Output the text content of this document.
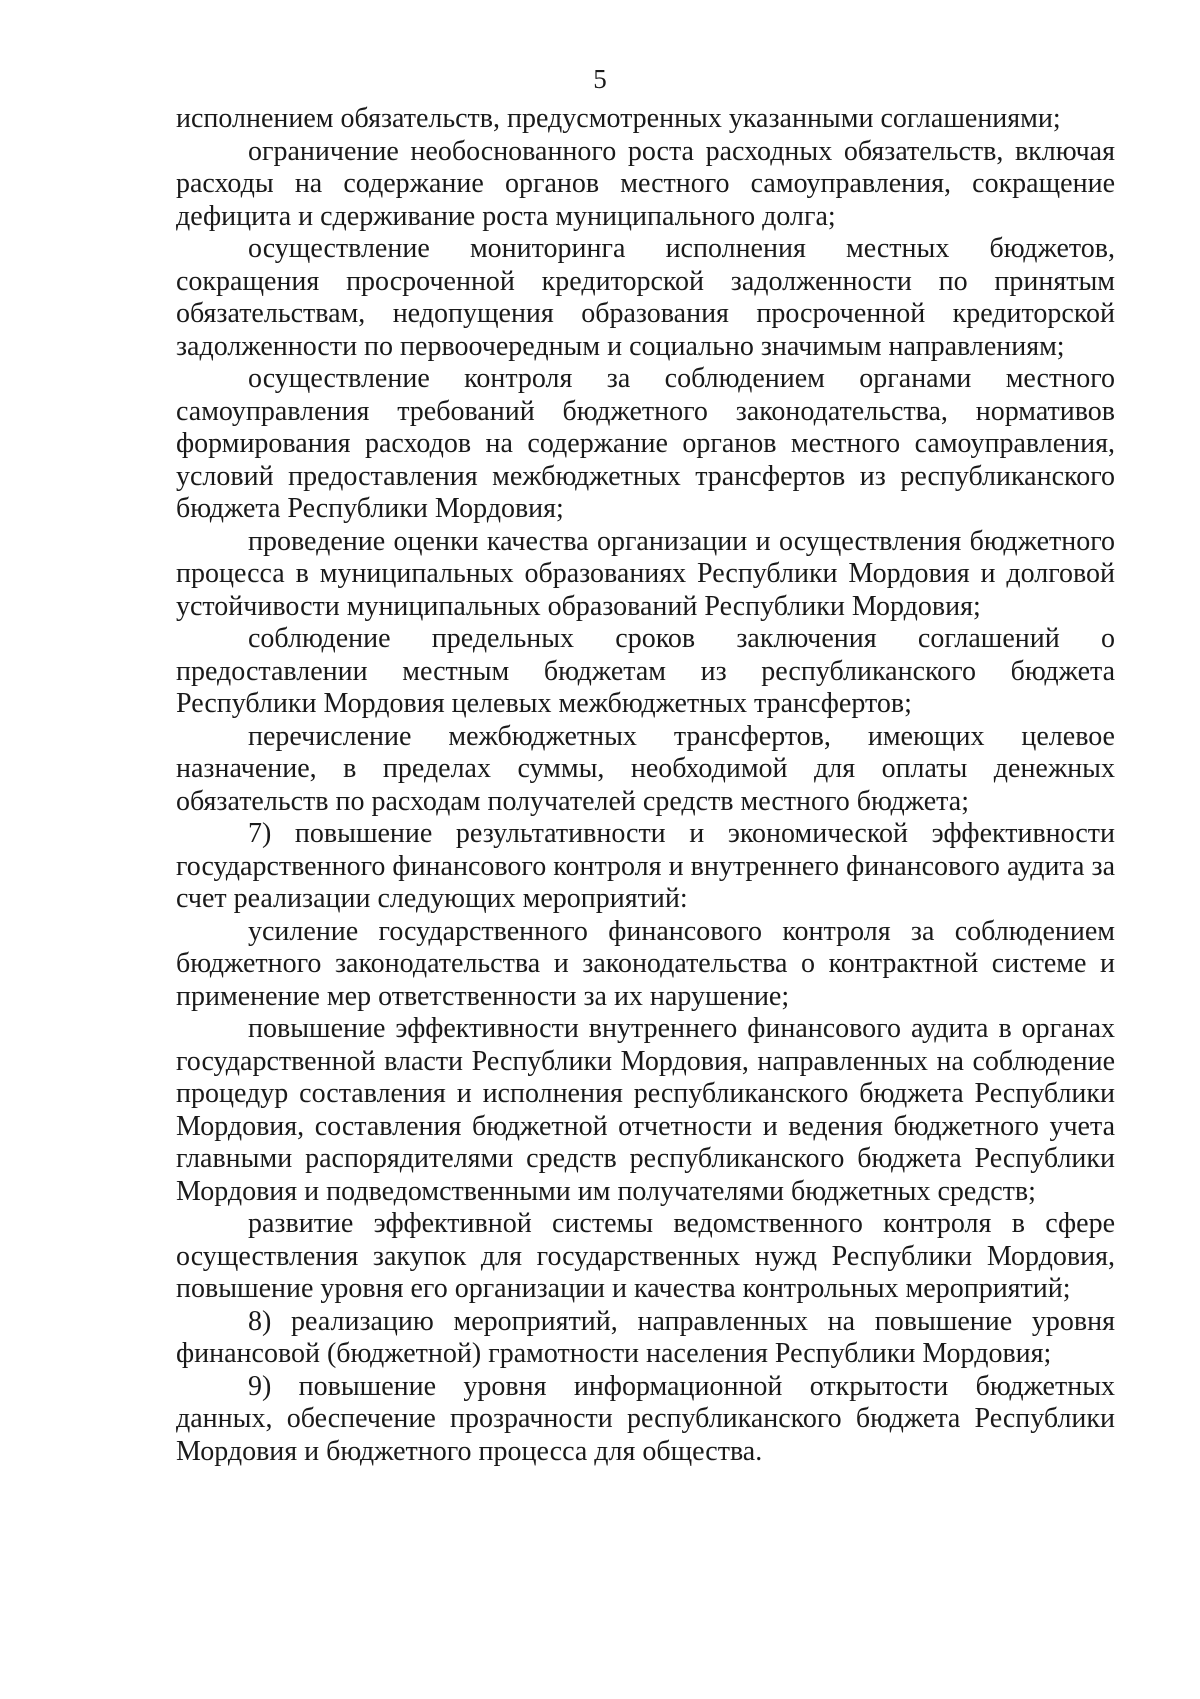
5

исполнением обязательств, предусмотренных указанными соглашениями;

ограничение необоснованного роста расходных обязательств, включая расходы на содержание органов местного самоуправления, сокращение дефицита и сдерживание роста муниципального долга;

осуществление мониторинга исполнения местных бюджетов, сокращения просроченной кредиторской задолженности по принятым обязательствам, недопущения образования просроченной кредиторской задолженности по первоочередным и социально значимым направлениям;

осуществление контроля за соблюдением органами местного самоуправления требований бюджетного законодательства, нормативов формирования расходов на содержание органов местного самоуправления, условий предоставления межбюджетных трансфертов из республиканского бюджета Республики Мордовия;

проведение оценки качества организации и осуществления бюджетного процесса в муниципальных образованиях Республики Мордовия и долговой устойчивости муниципальных образований Республики Мордовия;

соблюдение предельных сроков заключения соглашений о предоставлении местным бюджетам из республиканского бюджета Республики Мордовия целевых межбюджетных трансфертов;

перечисление межбюджетных трансфертов, имеющих целевое назначение, в пределах суммы, необходимой для оплаты денежных обязательств по расходам получателей средств местного бюджета;

7) повышение результативности и экономической эффективности государственного финансового контроля и внутреннего финансового аудита за счет реализации следующих мероприятий:

усиление государственного финансового контроля за соблюдением бюджетного законодательства и законодательства о контрактной системе и применение мер ответственности за их нарушение;

повышение эффективности внутреннего финансового аудита в органах государственной власти Республики Мордовия, направленных на соблюдение процедур составления и исполнения республиканского бюджета Республики Мордовия, составления бюджетной отчетности и ведения бюджетного учета главными распорядителями средств республиканского бюджета Республики Мордовия и подведомственными им получателями бюджетных средств;

развитие эффективной системы ведомственного контроля в сфере осуществления закупок для государственных нужд Республики Мордовия, повышение уровня его организации и качества контрольных мероприятий;

8) реализацию мероприятий, направленных на повышение уровня финансовой (бюджетной) грамотности населения Республики Мордовия;

9) повышение уровня информационной открытости бюджетных данных, обеспечение прозрачности республиканского бюджета Республики Мордовия и бюджетного процесса для общества.
